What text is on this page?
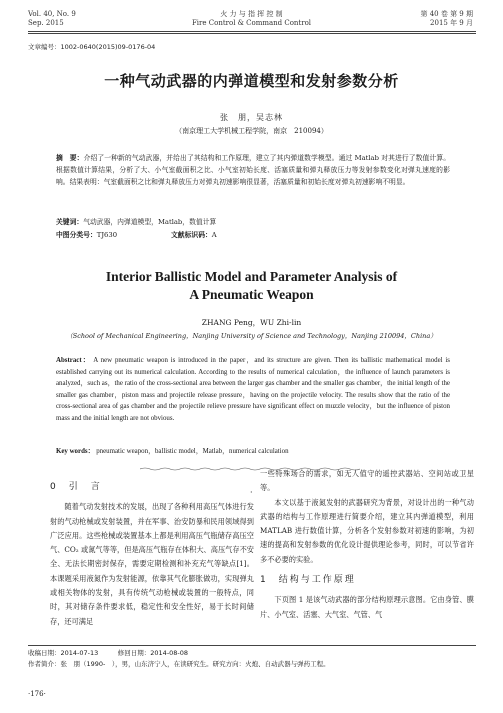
Vol. 40, No. 9
Sep. 2015
火 力 与 指 挥 控 制
Fire Control & Command Control
第 40 卷 第 9 期
2015 年 9 月
文章编号：1002-0640(2015)09-0176-04
一种气动武器的内弹道模型和发射参数分析
张　朋，吴志林
（南京理工大学机械工程学院，南京　210094）
摘　要：介绍了一种新的气动武器，并给出了其结构和工作原理，建立了其内弹道数学模型。通过 Matlab 对其进行了数值计算。根据数值计算结果，分析了大、小气室截面积之比、小气室初始长度、活塞质量和弹丸释放压力等发射参数变化对弹丸速度的影响。结果表明：气室截面积之比和弹丸释放压力对弹丸初速影响很显著，活塞质量和初始长度对弹丸初速影响不明显。
关键词：气动武器，内弹道模型，Matlab，数值计算
中图分类号：TJ630	文献标识码：A
Interior Ballistic Model and Parameter Analysis of
A Pneumatic Weapon
ZHANG Peng，WU Zhi-lin
（School of Mechanical Engineering，Nanjing University of Science and Technology，Nanjing 210094，China）
Abstract： A new pneumatic weapon is introduced in the paper，and its structure are given. Then its ballistic mathematical model is established carrying out its numerical calculation. According to the results of numerical calculation，the influence of launch parameters is analyzed，such as，the ratio of the cross-sectional area between the larger gas chamber and the smaller gas chamber，the initial length of the smaller gas chamber，piston mass and projectile release pressure，having on the projectile velocity. The results show that the ratio of the cross-sectional area of gas chamber and the projectile relieve pressure have significant effect on muzzle velocity，but the influence of piston mass and the initial length are not obvious.
Key words： pneumatic weapon，ballistic model，Matlab，numerical calculation
0　引　言

随着气动发射技术的发展，出现了各种利用高压气体进行发射的气动枪械或发射装置，并在军事、治安防暴和民用领域得到广泛应用。这些枪械或装置基本上都是利用高压气瓶储存高压空气、CO₂ 或氮气等等，但是高压气瓶存在体积大、高压气存不安全、无法长期密封保存，需要定期检测和补充充气等缺点[1]。本课题采用液氮作为发射能源，依靠其气化膨胀做功，实现弹丸或相关物体的发射，具有传统气动枪械或装置的一般特点，同时，其对储存条件要求低，稳定性和安全性好，易于长时间储存，还可满足

·

一些特殊场合的需求，如无人值守的遥控武器站、空间站或卫星等。

本文以基于液氮发射的武器研究为背景，对设计出的一种气动武器的结构与工作原理进行简要介绍，建立其内弹道模型，利用 MATLAB 进行数值计算，分析各个发射参数对初速的影响，为初速的提高和发射参数的优化设计提供理论参考，同时，可以节省许多不必要的实验。

1　结构与工作原理

下页图 1 是该气动武器的部分结构原理示意图。它由身管、膜片、小气室、活塞、大气室、气管、气

收稿日期：2014-07-13　　　修回日期：2014-08-08
作者简介：张　朋（1990-　），男，山东济宁人，在读研究生。研究方向：火炮、自动武器与弹药工程。
·176·
